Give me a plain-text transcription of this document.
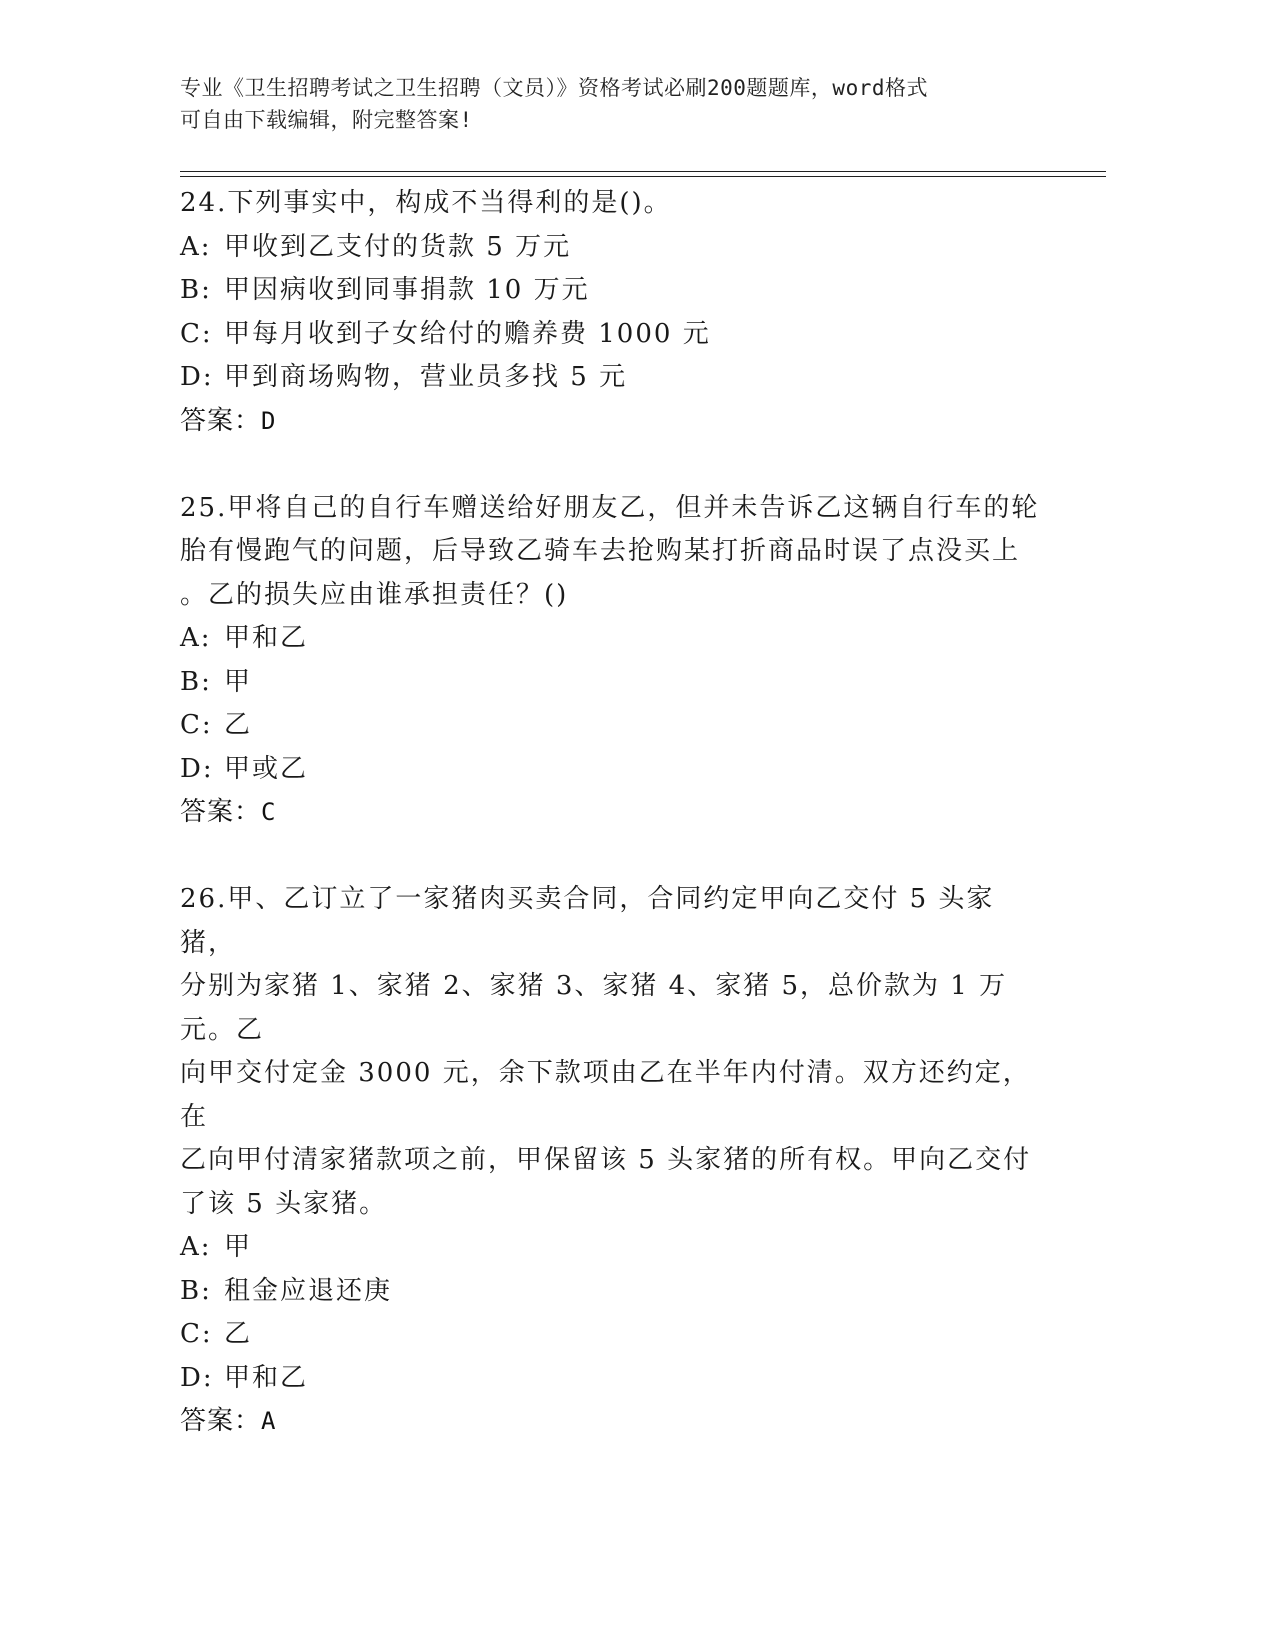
专业《卫生招聘考试之卫生招聘（文员）》资格考试必刷200题题库，word格式
可自由下载编辑，附完整答案!
24.下列事实中，构成不当得利的是()。
A: 甲收到乙支付的货款 5 万元
B: 甲因病收到同事捐款 10 万元
C: 甲每月收到子女给付的赡养费 1000 元
D: 甲到商场购物，营业员多找 5 元
答案： D
25.甲将自己的自行车赠送给好朋友乙，但并未告诉乙这辆自行车的轮
胎有慢跑气的问题，后导致乙骑车去抢购某打折商品时误了点没买上
。乙的损失应由谁承担责任？()
A: 甲和乙
B: 甲
C: 乙
D: 甲或乙
答案： C
26.甲、乙订立了一家猪肉买卖合同，合同约定甲向乙交付 5 头家猪，
分别为家猪 1、家猪 2、家猪 3、家猪 4、家猪 5，总价款为 1 万元。乙
向甲交付定金 3000 元，余下款项由乙在半年内付清。双方还约定，在
乙向甲付清家猪款项之前，甲保留该 5 头家猪的所有权。甲向乙交付
了该 5 头家猪。
A: 甲
B: 租金应退还庚
C: 乙
D: 甲和乙
答案： A
